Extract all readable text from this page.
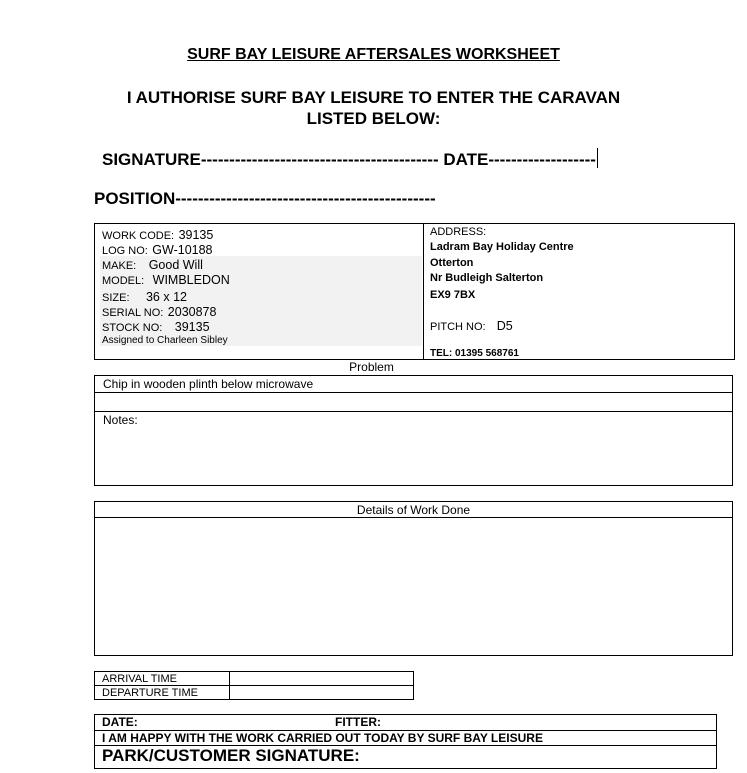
SURF BAY LEISURE AFTERSALES WORKSHEET
I AUTHORISE SURF BAY LEISURE TO ENTER THE CARAVAN
LISTED BELOW:
SIGNATURE------------------------------------------ DATE-------------------
POSITION----------------------------------------------
WORK CODE: 39135
LOG NO: GW-10188
MAKE: Good Will
MODEL: WIMBLEDON
SIZE: 36 x 12
SERIAL NO: 2030878
STOCK NO: 39135
Assigned to Charleen Sibley
ADDRESS:
Ladram Bay Holiday Centre
Otterton
Nr Budleigh Salterton
EX9 7BX
PITCH NO: D5
TEL: 01395 568761
Problem
Chip in wooden plinth below microwave
Notes:
Details of Work Done
ARRIVAL TIME
DEPARTURE TIME
DATE:	FITTER:
I AM HAPPY WITH THE WORK CARRIED OUT TODAY BY SURF BAY LEISURE
PARK/CUSTOMER SIGNATURE:
